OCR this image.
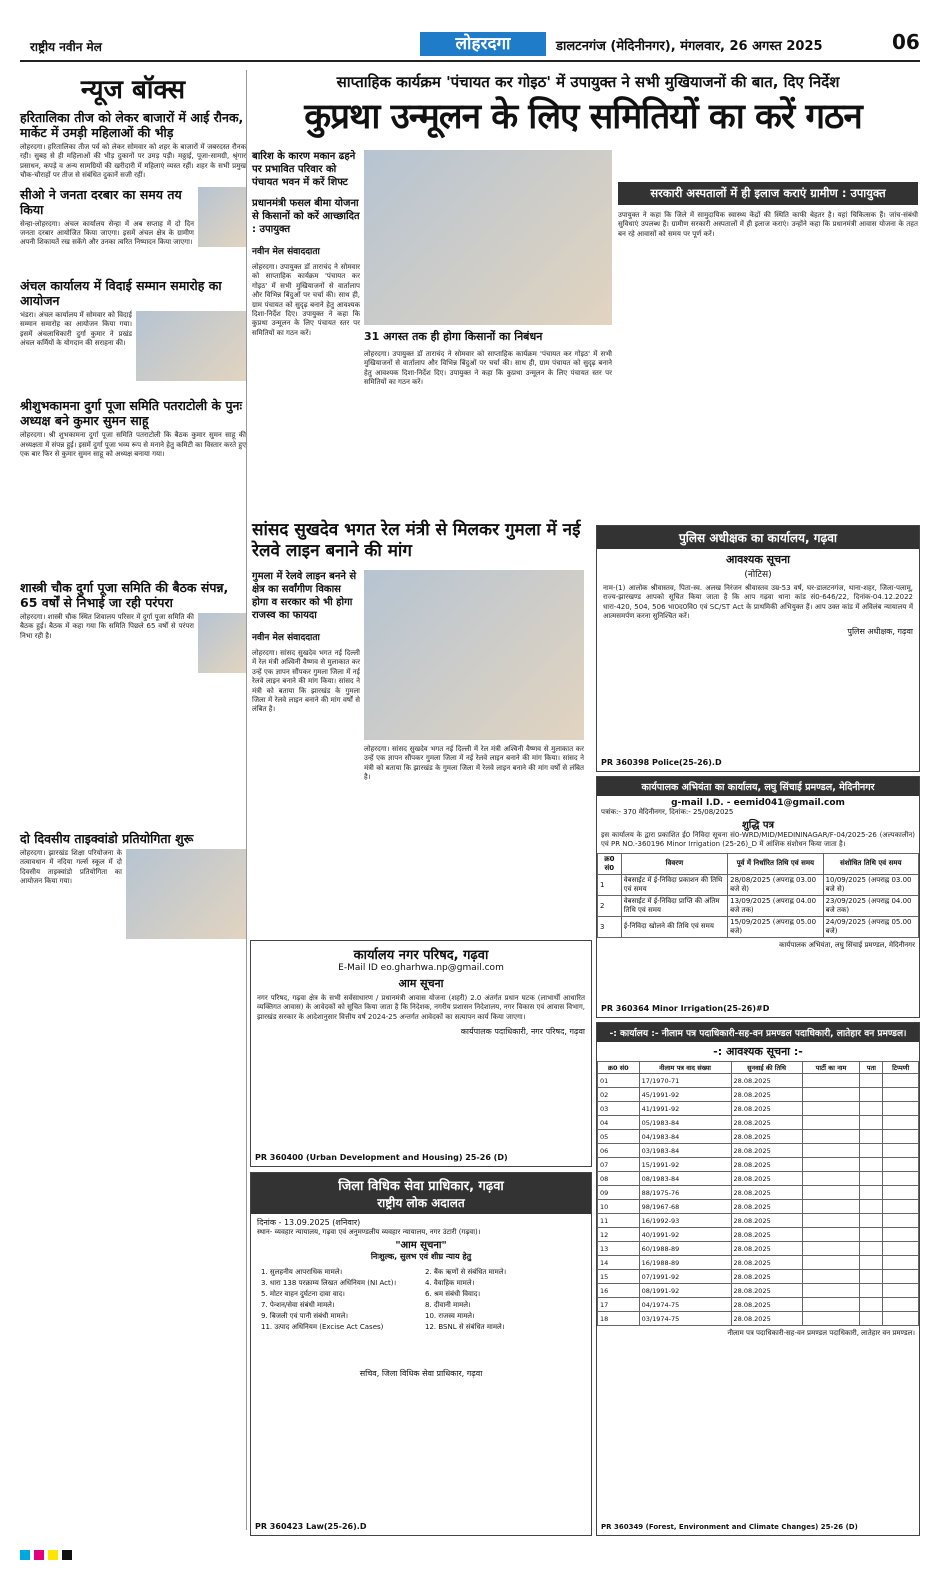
राष्ट्रीय नवीन मेल	लोहरदगा	डालटनगंज (मेदिनीनगर), मंगलवार, 26 अगस्त 2025	06
न्यूज बॉक्स
हरितालिका तीज को लेकर बाजारों में आई रौनक, मार्केट में उमड़ी महिलाओं की भीड़

लोहरदगा। हरितालिका तीज पर्व को लेकर सोमवार को शहर के बाजारों में जबरदस्त रौनक रही। सुबह से ही महिलाओं की भीड़ दुकानों पर उमड़ पड़ी। मठ्ठाई, पूजा-सामग्री, श्रृंगार प्रसाधन, कपड़े व अन्य सामग्रियों की खरीदारी में महिलाएं व्यस्त रहीं। शहर के सभी प्रमुख चौक-चौराहों पर तीज से संबंधित दुकानें सजी रहीं।

सीओ ने जनता दरबार का समय तय किया

सेन्हा-लोहरदगा। अंचल कार्यालय सेन्हा में अब सप्ताह में दो दिन जनता दरबार आयोजित किया जाएगा। इसमें अंचल क्षेत्र के ग्रामीण अपनी शिकायतें रख सकेंगे और उनका त्वरित निष्पादन किया जाएगा।

अंचल कार्यालय में विदाई सम्मान समारोह का आयोजन

भंडरा। अंचल कार्यालय में सोमवार को विदाई सम्मान समारोह का आयोजन किया गया। इसमें अंचलाधिकारी दुर्गा कुमार ने प्रखंड अंचल कर्मियों के योगदान की सराहना की।

श्रीशुभकामना दुर्गा पूजा समिति पतराटोली के पुनः अध्यक्ष बने कुमार सुमन साहू

लोहरदगा। श्री शुभकामना दुर्गा पूजा समिति पतराटोली कि बैठक कुमार सुमन साहू की अध्यक्षता में संपन्न हुई। इसमें दुर्गा पूजा भव्य रूप से मनाने हेतु कमिटी का विस्तार करते हुए एक बार फिर से कुमार सुमन साहू को अध्यक्ष बनाया गया।

शास्त्री चौक दुर्गा पूजा समिति की बैठक संपन्न, 65 वर्षों से निभाई जा रही परंपरा

लोहरदगा। शास्त्री चौक स्थित शिवालय परिसर में दुर्गा पूजा समिति की बैठक हुई। बैठक में कहा गया कि समिति पिछले 65 वर्षों से परंपरा निभा रही है।

दो दिवसीय ताइक्वांडो प्रतियोगिता शुरू

लोहरदगा। झारखंड शिक्षा परियोजना के तत्वावधान में नदिया गर्ल्स स्कूल में दो दिवसीय ताइक्वांडो प्रतियोगिता का आयोजन किया गया।

साप्ताहिक कार्यक्रम 'पंचायत कर गोइठ' में उपायुक्त ने सभी मुखियाजनों की बात, दिए निर्देश
कुप्रथा उन्मूलन के लिए समितियों का करें गठन
बारिश के कारण मकान ढहने पर प्रभावित परिवार को पंचायत भवन में करें शिफ्ट
प्रधानमंत्री फसल बीमा योजना से किसानों को करें आच्छादित : उपायुक्त
नवीन मेल संवाददाता

लोहरदगा। उपायुक्त डॉ ताराचंद ने सोमवार को साप्ताहिक कार्यक्रम 'पंचायत कर गोइठ' में सभी मुखियाजनों से वार्तालाप और विभिन्न बिंदुओं पर चर्चा की। साथ ही, ग्राम पंचायत को सुदृढ़ बनाने हेतु आवश्यक दिशा-निर्देश दिए। उपायुक्त ने कहा कि कुप्रथा उन्मूलन के लिए पंचायत स्तर पर समितियों का गठन करें।	31 अगस्त तक ही होगा किसानों का निबंधन

लोहरदगा। उपायुक्त डॉ ताराचंद ने सोमवार को साप्ताहिक कार्यक्रम 'पंचायत कर गोइठ' में सभी मुखियाजनों से वार्तालाप और विभिन्न बिंदुओं पर चर्चा की। साथ ही, ग्राम पंचायत को सुदृढ़ बनाने हेतु आवश्यक दिशा-निर्देश दिए। उपायुक्त ने कहा कि कुप्रथा उन्मूलन के लिए पंचायत स्तर पर समितियों का गठन करें।

सरकारी अस्पतालों में ही इलाज कराएं ग्रामीण : उपायुक्त

उपायुक्त ने कहा कि जिले में सामुदायिक स्वास्थ्य केंद्रों की स्थिति काफी बेहतर है। यहां चिकित्सक हैं। जांच-संबंधी सुविधाएं उपलब्ध हैं। ग्रामीण सरकारी अस्पतालों में ही इलाज कराएं। उन्होंने कहा कि प्रधानमंत्री आवास योजना के तहत बन रहे आवासों को समय पर पूर्ण करें।

सांसद सुखदेव भगत रेल मंत्री से मिलकर गुमला में नई रेलवे लाइन बनाने की मांग
गुमला में रेलवे लाइन बनने से क्षेत्र का सर्वांगीण विकास होगा व सरकार को भी होगा राजस्व का फायदा
नवीन मेल संवाददाता

लोहरदगा। सांसद सुखदेव भगत नई दिल्ली में रेल मंत्री अश्विनी वैष्णव से मुलाकात कर उन्हें एक ज्ञापन सौंपकर गुमला जिला में नई रेलवे लाइन बनाने की मांग किया। सांसद ने मंत्री को बताया कि झारखंड के गुमला जिला में रेलवे लाइन बनाने की मांग वर्षों से लंबित है।

लोहरदगा। सांसद सुखदेव भगत नई दिल्ली में रेल मंत्री अश्विनी वैष्णव से मुलाकात कर उन्हें एक ज्ञापन सौंपकर गुमला जिला में नई रेलवे लाइन बनाने की मांग किया। सांसद ने मंत्री को बताया कि झारखंड के गुमला जिला में रेलवे लाइन बनाने की मांग वर्षों से लंबित है।

पुलिस अधीक्षक का कार्यालय, गढ़वा
आवश्यक सूचना
(नोटिस)

नाम-(1) आलोक श्रीवास्तव, पिता-स्व. अलख निरंजन श्रीवास्तव उम्र-53 वर्ष, घर-डालटनगंज, थाना-शहर, जिला-पलामू, राज्य-झारखण्ड आपको सूचित किया जाता है कि आप गढ़वा थाना कांड सं0-646/22, दिनांक-04.12.2022 धारा-420, 504, 506 भा0द0वि0 एवं SC/ST Act के प्राथमिकी अभियुक्त हैं। आप उक्त कांड में अविलंब न्यायालय में आत्मसमर्पण करना सुनिश्चित करें।

पुलिस अधीक्षक, गढ़वा
PR 360398 Police(25-26).D
कार्यपालक अभियंता का कार्यालय, लघु सिंचाई प्रमण्डल, मेदिनीनगर
g-mail I.D. - eemid041@gmail.com
पत्रांक:- 370 मेदिनीनगर, दिनांक:- 25/08/2025
शुद्धि पत्र

इस कार्यालय के द्वारा प्रकाशित ई0 निविदा सूचना सं0-WRD/MID/MEDININAGAR/F-04/2025-26 (अल्पकालीन) एवं PR NO.-360196 Minor Irrigation (25-26)_D में आंशिक संशोधन किया जाता है।

क्र0 सं0	विवरण	पूर्व में निर्धारित तिथि एवं समय	संशोधित तिथि एवं समय
1	वेबसाईट में ई-निविदा प्रकाशन की तिथि एवं समय	28/08/2025 (अपराह्न 03.00 बजे से)	10/09/2025 (अपराह्न 03.00 बजे से)
2	वेबसाईट में ई-निविदा प्राप्ति की अंतिम तिथि एवं समय	13/09/2025 (अपराह्न 04.00 बजे तक)	23/09/2025 (अपराह्न 04.00 बजे तक)
3	ई-निविदा खोलने की तिथि एवं समय	15/09/2025 (अपराह्न 05.00 बजे)	24/09/2025 (अपराह्न 05.00 बजे)
कार्यपालक अभियंता, लघु सिंचाई प्रमण्डल, मेदिनीनगर
PR 360364 Minor Irrigation(25-26)#D
कार्यालय नगर परिषद, गढ़वा
E-Mail ID eo.gharhwa.np@gmail.com
आम सूचना

नगर परिषद, गढ़वा क्षेत्र के सभी सर्वसाधारण / प्रधानमंत्री आवास योजना (शहरी) 2.0 अंतर्गत प्रधान घटक (लाभार्थी आधारित व्यक्तिगत आवास) के आवेदकों को सूचित किया जाता है कि निदेशक, नगरीय प्रशासन निदेशालय, नगर विकास एवं आवास विभाग, झारखंड सरकार के आदेशानुसार वित्तीय वर्ष 2024-25 अन्तर्गत आवेदकों का सत्यापन कार्य किया जाएगा।

कार्यपालक पदाधिकारी, नगर परिषद, गढ़वा
PR 360400 (Urban Development and Housing) 25-26 (D)
जिला विधिक सेवा प्राधिकार, गढ़वा
राष्ट्रीय लोक अदालत
दिनांक - 13.09.2025 (शनिवार)
स्थान- व्यवहार न्यायालय, गढ़वा एवं अनुमण्डलीय व्यवहार न्यायालय, नगर उंटारी (गढ़वा)।
"आम सूचना"
निःशुल्क, सुलभ एवं शीघ्र न्याय हेतु
1. सुलहनीय आपराधिक मामले।	2. बैंक ऋणों से संबंधित मामले।
3. धारा 138 परक्राम्य लिखत अधिनियम (NI Act)।	4. वैवाहिक मामले।
5. मोटर वाहन दुर्घटना दावा वाद।	6. श्रम संबंधी विवाद।
7. पेन्शन/सेवा संबंधी मामले।	8. दीवानी मामले।
9. बिजली एवं पानी संबंधी मामले।	10. राजस्व मामले।
11. उत्पाद अधिनियम (Excise Act Cases)	12. BSNL से संबंधित मामले।
सचिव, जिला विधिक सेवा प्राधिकार, गढ़वा
PR 360423 Law(25-26).D
-: कार्यालय :- नीलाम पत्र पदाधिकारी-सह-वन प्रमण्डल पदाधिकारी, लातेहार वन प्रमण्डल।
-: आवश्यक सूचना :-
क्र0 सं0	नीलाम पत्र वाद संख्या	सुनवाई की तिथि	पार्टी का नाम	पता	टिप्पणी
01	17/1970-71	28.08.2025			
02	45/1991-92	28.08.2025			
03	41/1991-92	28.08.2025			
04	05/1983-84	28.08.2025			
05	04/1983-84	28.08.2025			
06	03/1983-84	28.08.2025			
07	15/1991-92	28.08.2025			
08	08/1983-84	28.08.2025			
09	88/1975-76	28.08.2025			
10	98/1967-68	28.08.2025			
11	16/1992-93	28.08.2025			
12	40/1991-92	28.08.2025			
13	60/1988-89	28.08.2025			
14	16/1988-89	28.08.2025			
15	07/1991-92	28.08.2025			
16	08/1991-92	28.08.2025			
17	04/1974-75	28.08.2025			
18	03/1974-75	28.08.2025			
नीलाम पत्र पदाधिकारी-सह-वन प्रमण्डल पदाधिकारी, लातेहार वन प्रमण्डल।
PR 360349 (Forest, Environment and Climate Changes) 25-26 (D)
